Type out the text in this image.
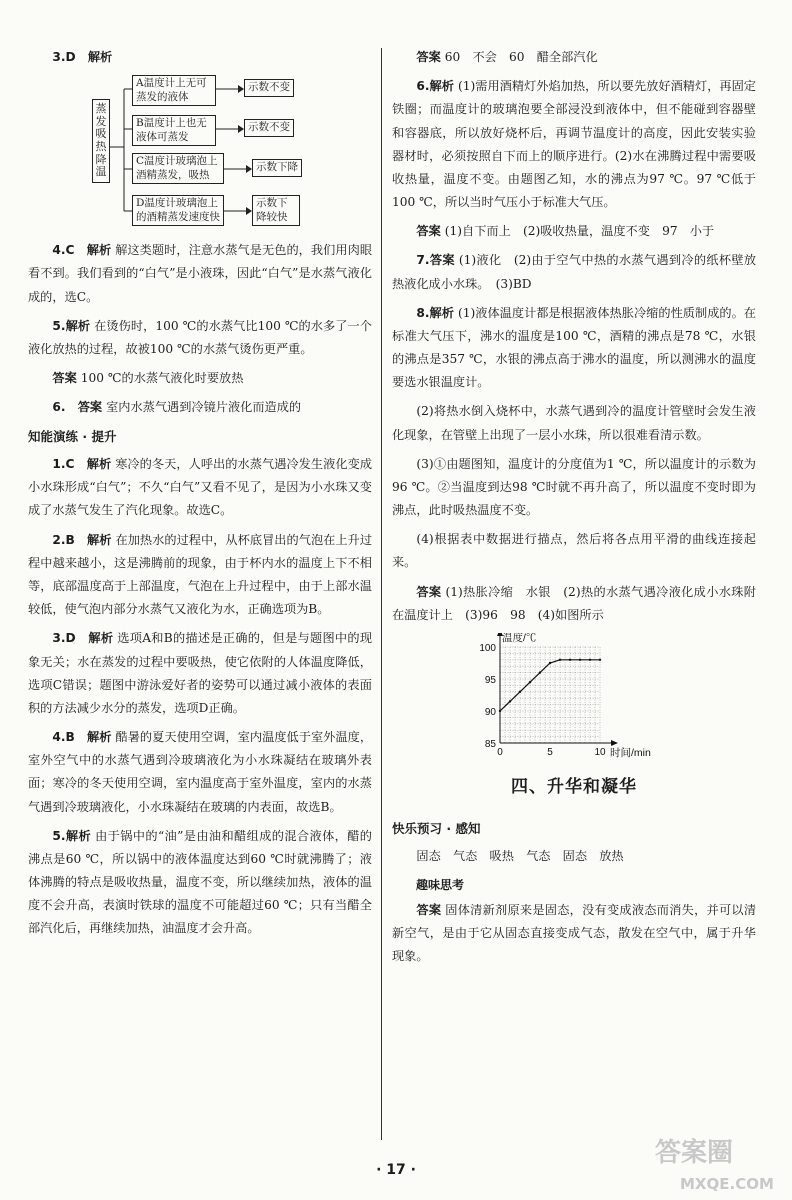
3.D　 解析

蒸发吸热降温
A温度计上无可蒸发的液体
示数不变
B温度计上也无液体可蒸发
示数不变
C温度计玻璃泡上酒精蒸发，吸热
示数下降
D温度计玻璃泡上的酒精蒸发速度快
示数下降较快

4.C　 解析 解这类题时，注意水蒸气是无色的，我们用肉眼看不到。我们看到的“白气”是小液珠，因此“白气”是水蒸气液化成的，选C。

5.解析 在烫伤时，100 ℃的水蒸气比100 ℃的水多了一个液化放热的过程，故被100 ℃的水蒸气烫伤更严重。

答案 100 ℃的水蒸气液化时要放热

6.　 答案 室内水蒸气遇到冷镜片液化而造成的

知能演练 · 提升

1.C　 解析 寒冷的冬天，人呼出的水蒸气遇冷发生液化变成小水珠形成“白气”；不久“白气”又看不见了，是因为小水珠又变成了水蒸气发生了汽化现象。故选C。

2.B　 解析 在加热水的过程中，从杯底冒出的气泡在上升过程中越来越小，这是沸腾前的现象，由于杯内水的温度上下不相等，底部温度高于上部温度，气泡在上升过程中，由于上部水温较低，使气泡内部分水蒸气又液化为水，正确选项为B。

3.D　 解析 选项A和B的描述是正确的，但是与题图中的现象无关；水在蒸发的过程中要吸热，使它依附的人体温度降低，选项C错误；题图中游泳爱好者的姿势可以通过减小液体的表面积的方法减少水分的蒸发，选项D正确。

4.B　 解析 酷暑的夏天使用空调，室内温度低于室外温度，室外空气中的水蒸气遇到冷玻璃液化为小水珠凝结在玻璃外表面；寒冷的冬天使用空调，室内温度高于室外温度，室内的水蒸气遇到冷玻璃液化，小水珠凝结在玻璃的内表面，故选B。

5.解析 由于锅中的“油”是由油和醋组成的混合液体，醋的沸点是60 ℃，所以锅中的液体温度达到60 ℃时就沸腾了；液体沸腾的特点是吸收热量，温度不变，所以继续加热，液体的温度不会升高，表演时铁球的温度不可能超过60 ℃；只有当醋全部汽化后，再继续加热，油温度才会升高。

答案 60　不会　60　醋全部汽化

6.解析 (1)需用酒精灯外焰加热，所以要先放好酒精灯，再固定铁圈；而温度计的玻璃泡要全部浸没到液体中，但不能碰到容器壁和容器底，所以放好烧杯后，再调节温度计的高度，因此安装实验器材时，必须按照自下而上的顺序进行。(2)水在沸腾过程中需要吸收热量，温度不变。由题图乙知，水的沸点为97 ℃。97 ℃低于100 ℃，所以当时气压小于标准大气压。

答案 (1)自下而上　(2)吸收热量，温度不变　97　小于

7.答案 (1)液化　(2)由于空气中热的水蒸气遇到冷的纸杯壁放热液化成小水珠。　(3)BD

8.解析 (1)液体温度计都是根据液体热胀冷缩的性质制成的。在标准大气压下，沸水的温度是100 ℃，酒精的沸点是78 ℃，水银的沸点是357 ℃，水银的沸点高于沸水的温度，所以测沸水的温度要选水银温度计。

(2)将热水倒入烧杯中，水蒸气遇到冷的温度计管壁时会发生液化现象，在管壁上出现了一层小水珠，所以很难看清示数。

(3)①由题图知，温度计的分度值为1 ℃，所以温度计的示数为96 ℃。②当温度到达98 ℃时就不再升高了，所以温度不变时即为沸点，此时吸热温度不变。

(4)根据表中数据进行描点，然后将各点用平滑的曲线连接起来。

答案 (1)热胀冷缩　水银　(2)热的水蒸气遇冷液化成小水珠附在温度计上　(3)96　98　(4)如图所示

85
90
95
100
0	5	10
温度/℃
时间/min
四、升华和凝华
快乐预习 · 感知

固态　气态　吸热　气态　固态　放热

趣味思考

答案 固体清新剂原来是固态，没有变成液态而消失，并可以清新空气，是由于它从固态直接变成气态，散发在空气中，属于升华现象。

· 17 ·
答案圈
MXQE.COM
